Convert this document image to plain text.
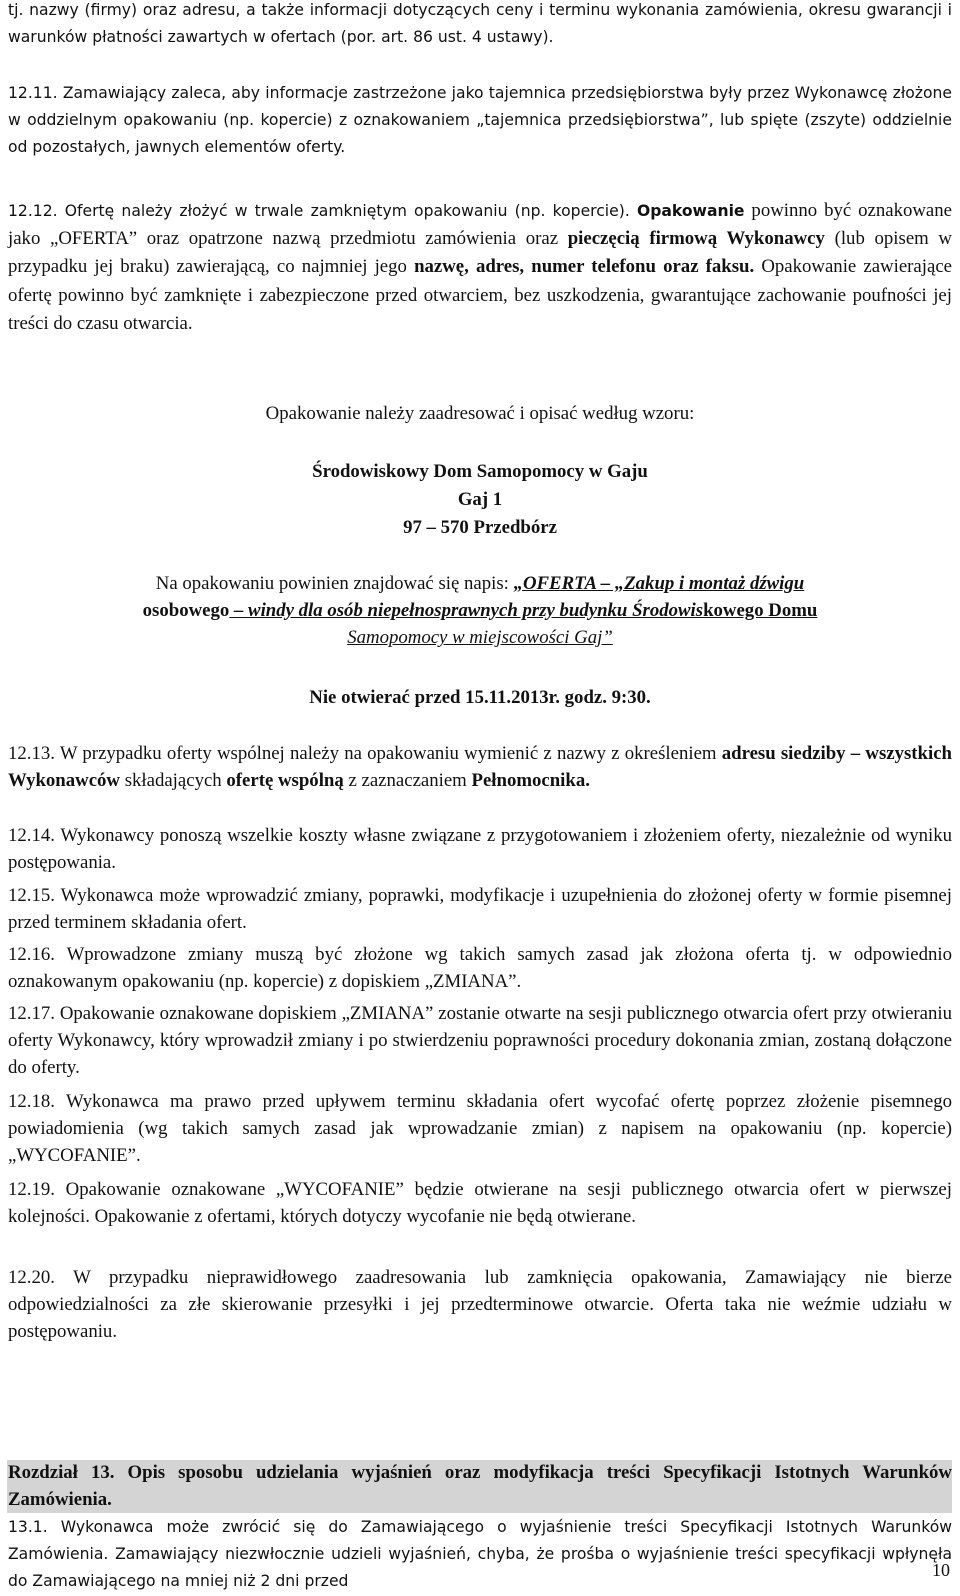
tj. nazwy (firmy) oraz adresu, a także informacji dotyczących ceny i terminu wykonania zamówienia, okresu gwarancji i warunków płatności zawartych w ofertach (por. art. 86 ust. 4 ustawy).
12.11. Zamawiający zaleca, aby informacje zastrzeżone jako tajemnica przedsiębiorstwa były przez Wykonawcę złożone w oddzielnym opakowaniu (np. kopercie) z oznakowaniem „tajemnica przedsiębiorstwa”, lub spięte (zszyte) oddzielnie od pozostałych, jawnych elementów oferty.
12.12. Ofertę należy złożyć w trwale zamkniętym opakowaniu (np. kopercie). Opakowanie powinno być oznakowane jako „OFERTA” oraz opatrzone nazwą przedmiotu zamówienia oraz pieczęcią firmową Wykonawcy (lub opisem w przypadku jej braku) zawierającą, co najmniej jego nazwę, adres, numer telefonu oraz faksu. Opakowanie zawierające ofertę powinno być zamknięte i zabezpieczone przed otwarciem, bez uszkodzenia, gwarantujące zachowanie poufności jej treści do czasu otwarcia.
Opakowanie należy zaadresować i opisać według wzoru:
Środowiskowy Dom Samopomocy w Gaju
Gaj 1
97 – 570 Przedbórz
Na opakowaniu powinien znajdować się napis: „OFERTA – „Zakup i montaż dźwigu
osobowego – windy dla osób niepełnosprawnych przy budynku Środowiskowego Domu
Samopomocy w miejscowości Gaj”
Nie otwierać przed 15.11.2013r. godz. 9:30.
12.13. W przypadku oferty wspólnej należy na opakowaniu wymienić z nazwy z określeniem adresu siedziby – wszystkich Wykonawców składających ofertę wspólną z zaznaczaniem Pełnomocnika.
12.14. Wykonawcy ponoszą wszelkie koszty własne związane z przygotowaniem i złożeniem oferty, niezależnie od wyniku postępowania.
12.15. Wykonawca może wprowadzić zmiany, poprawki, modyfikacje i uzupełnienia do złożonej oferty w formie pisemnej przed terminem składania ofert.
12.16. Wprowadzone zmiany muszą być złożone wg takich samych zasad jak złożona oferta tj. w odpowiednio oznakowanym opakowaniu (np. kopercie) z dopiskiem „ZMIANA”.
12.17. Opakowanie oznakowane dopiskiem „ZMIANA” zostanie otwarte na sesji publicznego otwarcia ofert przy otwieraniu oferty Wykonawcy, który wprowadził zmiany i po stwierdzeniu poprawności procedury dokonania zmian, zostaną dołączone do oferty.
12.18. Wykonawca ma prawo przed upływem terminu składania ofert wycofać ofertę poprzez złożenie pisemnego powiadomienia (wg takich samych zasad jak wprowadzanie zmian) z napisem na opakowaniu (np. kopercie) „WYCOFANIE”.
12.19. Opakowanie oznakowane „WYCOFANIE” będzie otwierane na sesji publicznego otwarcia ofert w pierwszej kolejności. Opakowanie z ofertami, których dotyczy wycofanie nie będą otwierane.
12.20. W przypadku nieprawidłowego zaadresowania lub zamknięcia opakowania, Zamawiający nie bierze odpowiedzialności za złe skierowanie przesyłki i jej przedterminowe otwarcie. Oferta taka nie weźmie udziału w postępowaniu.
Rozdział 13. Opis sposobu udzielania wyjaśnień oraz modyfikacja treści Specyfikacji Istotnych Warunków Zamówienia.
13.1. Wykonawca może zwrócić się do Zamawiającego o wyjaśnienie treści Specyfikacji Istotnych Warunków Zamówienia. Zamawiający niezwłocznie udzieli wyjaśnień, chyba, że prośba o wyjaśnienie treści specyfikacji wpłynęła do Zamawiającego na mniej niż 2 dni przed
10
